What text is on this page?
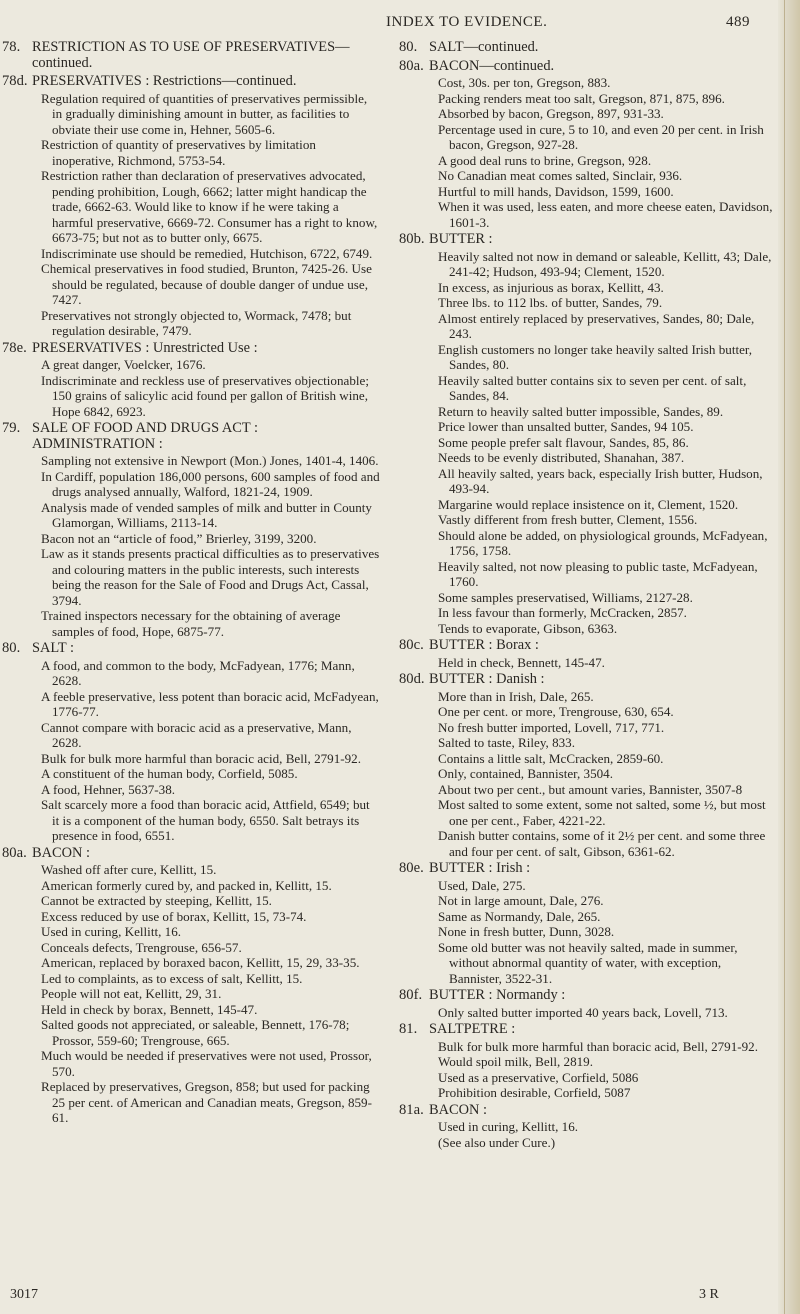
INDEX TO EVIDENCE.	489
78. RESTRICTION AS TO USE OF PRESERVATIVES—continued.
78d. PRESERVATIVES : Restrictions—continued.

Regulation required of quantities of preservatives permissible, in gradually diminishing amount in butter, as facilities to obviate their use come in, Hehner, 5605-6.

Restriction of quantity of preservatives by limitation inoperative, Richmond, 5753-54.

Restriction rather than declaration of preservatives advocated, pending prohibition, Lough, 6662; latter might handicap the trade, 6662-63. Would like to know if he were taking a harmful preservative, 6669-72. Consumer has a right to know, 6673-75; but not as to butter only, 6675.

Indiscriminate use should be remedied, Hutchison, 6722, 6749.

Chemical preservatives in food studied, Brunton, 7425-26. Use should be regulated, because of double danger of undue use, 7427.

Preservatives not strongly objected to, Wormack, 7478; but regulation desirable, 7479.

78e. PRESERVATIVES : Unrestricted Use :

A great danger, Voelcker, 1676.

Indiscriminate and reckless use of preservatives objectionable; 150 grains of salicylic acid found per gallon of British wine, Hope 6842, 6923.

79. SALE OF FOOD AND DRUGS ACT : ADMINISTRATION :

Sampling not extensive in Newport (Mon.) Jones, 1401-4, 1406.

In Cardiff, population 186,000 persons, 600 samples of food and drugs analysed annually, Walford, 1821-24, 1909.

Analysis made of vended samples of milk and butter in County Glamorgan, Williams, 2113-14.

Bacon not an “article of food,” Brierley, 3199, 3200.

Law as it stands presents practical difficulties as to preservatives and colouring matters in the public interests, such interests being the reason for the Sale of Food and Drugs Act, Cassal, 3794.

Trained inspectors necessary for the obtaining of average samples of food, Hope, 6875-77.

80. SALT :

A food, and common to the body, McFadyean, 1776; Mann, 2628.

A feeble preservative, less potent than boracic acid, McFadyean, 1776-77.

Cannot compare with boracic acid as a preservative, Mann, 2628.

Bulk for bulk more harmful than boracic acid, Bell, 2791-92.

A constituent of the human body, Corfield, 5085.

A food, Hehner, 5637-38.

Salt scarcely more a food than boracic acid, Attfield, 6549; but it is a component of the human body, 6550. Salt betrays its presence in food, 6551.

80a. BACON :

Washed off after cure, Kellitt, 15.

American formerly cured by, and packed in, Kellitt, 15.

Cannot be extracted by steeping, Kellitt, 15.

Excess reduced by use of borax, Kellitt, 15, 73-74.

Used in curing, Kellitt, 16.

Conceals defects, Trengrouse, 656-57.

American, replaced by boraxed bacon, Kellitt, 15, 29, 33-35.

Led to complaints, as to excess of salt, Kellitt, 15.

People will not eat, Kellitt, 29, 31.

Held in check by borax, Bennett, 145-47.

Salted goods not appreciated, or saleable, Bennett, 176-78; Prossor, 559-60; Trengrouse, 665.

Much would be needed if preservatives were not used, Prossor, 570.

Replaced by preservatives, Gregson, 858; but used for packing 25 per cent. of American and Canadian meats, Gregson, 859-61.

80. SALT—continued.
80a. BACON—continued.

Cost, 30s. per ton, Gregson, 883.

Packing renders meat too salt, Gregson, 871, 875, 896.

Absorbed by bacon, Gregson, 897, 931-33.

Percentage used in cure, 5 to 10, and even 20 per cent. in Irish bacon, Gregson, 927-28.

A good deal runs to brine, Gregson, 928.

No Canadian meat comes salted, Sinclair, 936.

Hurtful to mill hands, Davidson, 1599, 1600.

When it was used, less eaten, and more cheese eaten, Davidson, 1601-3.

80b. BUTTER :

Heavily salted not now in demand or saleable, Kellitt, 43; Dale, 241-42; Hudson, 493-94; Clement, 1520.

In excess, as injurious as borax, Kellitt, 43.

Three lbs. to 112 lbs. of butter, Sandes, 79.

Almost entirely replaced by preservatives, Sandes, 80; Dale, 243.

English customers no longer take heavily salted Irish butter, Sandes, 80.

Heavily salted butter contains six to seven per cent. of salt, Sandes, 84.

Return to heavily salted butter impossible, Sandes, 89.

Price lower than unsalted butter, Sandes, 94 105.

Some people prefer salt flavour, Sandes, 85, 86.

Needs to be evenly distributed, Shanahan, 387.

All heavily salted, years back, especially Irish butter, Hudson, 493-94.

Margarine would replace insistence on it, Clement, 1520.

Vastly different from fresh butter, Clement, 1556.

Should alone be added, on physiological grounds, McFadyean, 1756, 1758.

Heavily salted, not now pleasing to public taste, McFadyean, 1760.

Some samples preservatised, Williams, 2127-28.

In less favour than formerly, McCracken, 2857.

Tends to evaporate, Gibson, 6363.

80c. BUTTER : Borax :

Held in check, Bennett, 145-47.

80d. BUTTER : Danish :

More than in Irish, Dale, 265.

One per cent. or more, Trengrouse, 630, 654.

No fresh butter imported, Lovell, 717, 771.

Salted to taste, Riley, 833.

Contains a little salt, McCracken, 2859-60.

Only, contained, Bannister, 3504.

About two per cent., but amount varies, Bannister, 3507-8

Most salted to some extent, some not salted, some ½, but most one per cent., Faber, 4221-22.

Danish butter contains, some of it 2½ per cent. and some three and four per cent. of salt, Gibson, 6361-62.

80e. BUTTER : Irish :

Used, Dale, 275.

Not in large amount, Dale, 276.

Same as Normandy, Dale, 265.

None in fresh butter, Dunn, 3028.

Some old butter was not heavily salted, made in summer, without abnormal quantity of water, with exception, Bannister, 3522-31.

80f. BUTTER : Normandy :

Only salted butter imported 40 years back, Lovell, 713.

81. SALTPETRE :

Bulk for bulk more harmful than boracic acid, Bell, 2791-92.

Would spoil milk, Bell, 2819.

Used as a preservative, Corfield, 5086

Prohibition desirable, Corfield, 5087

81a. BACON :

Used in curing, Kellitt, 16.

(See also under Cure.)

3017	3 R
